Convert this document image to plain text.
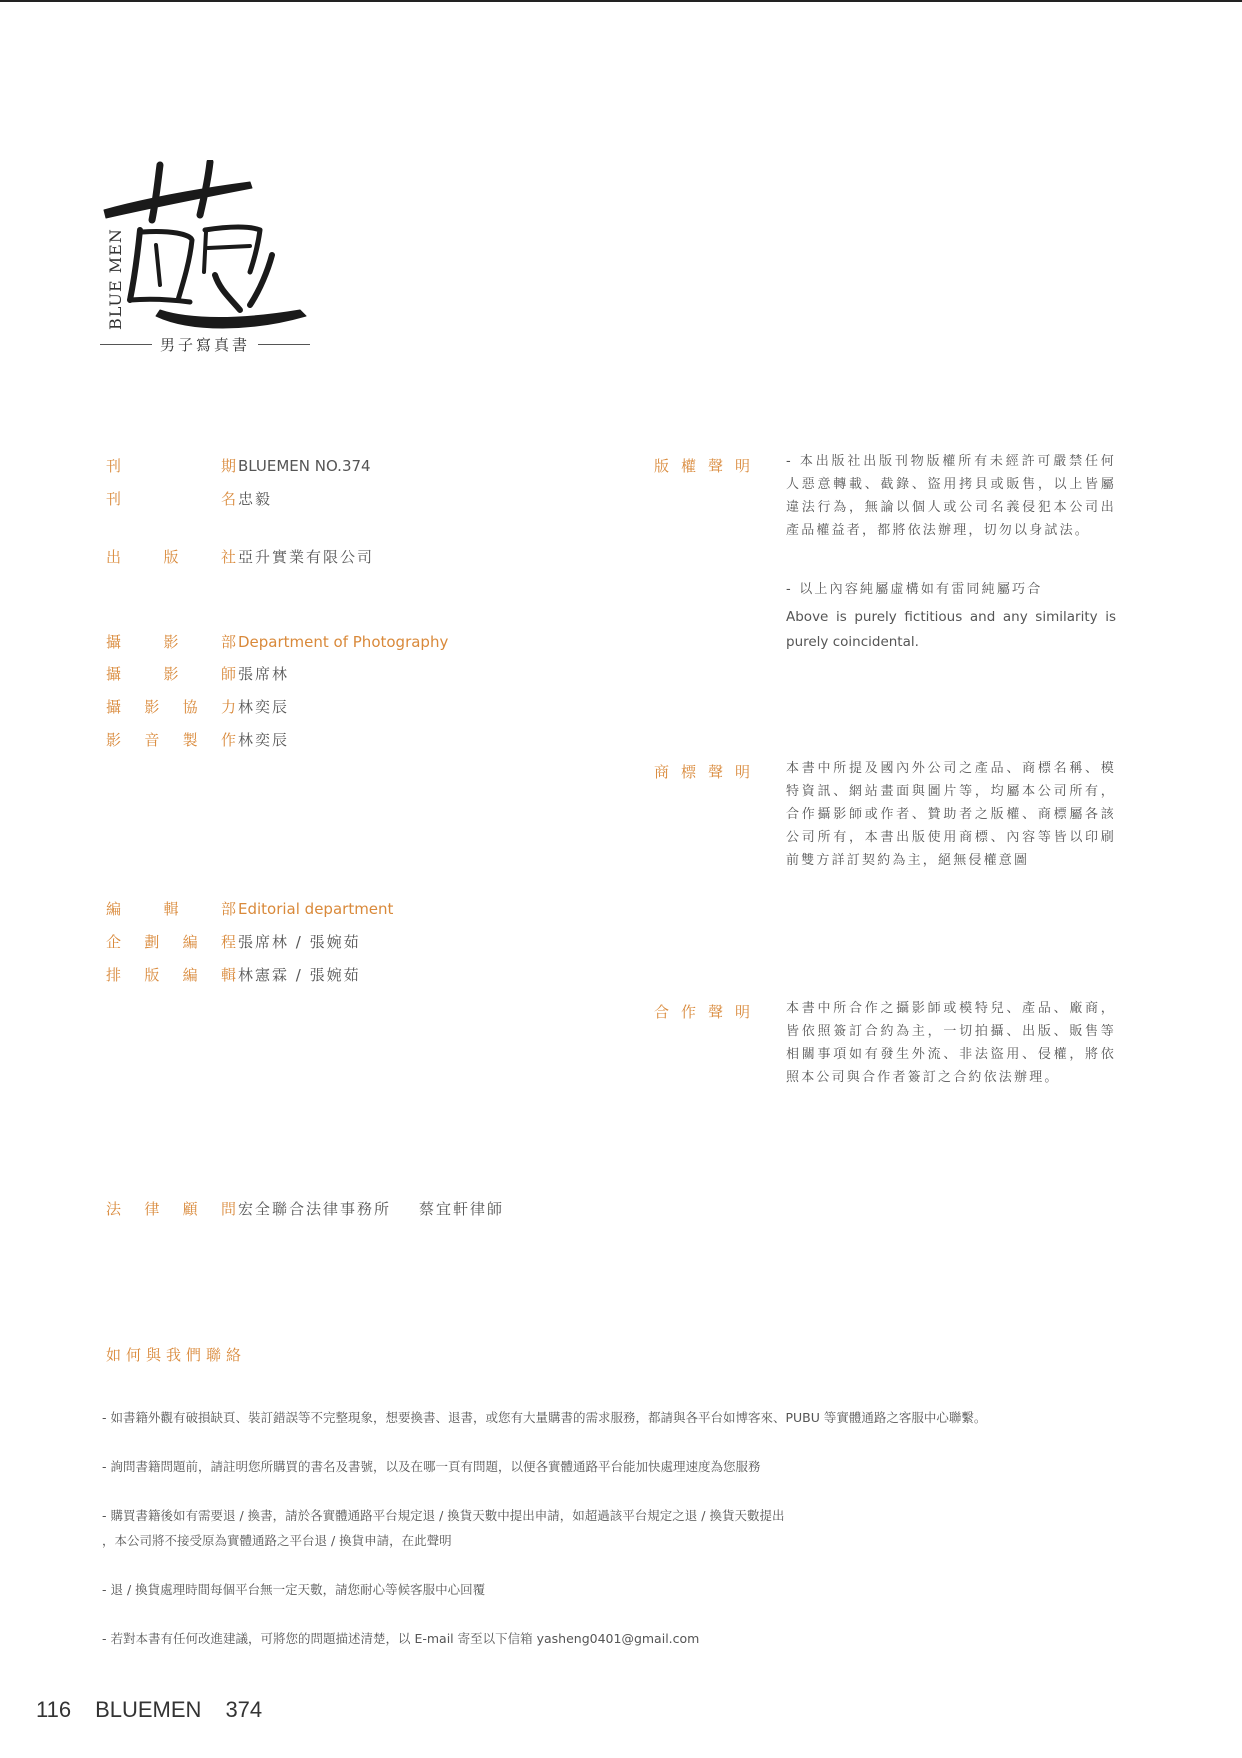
BLUE MEN
男子寫真書
刊	期 BLUEMEN NO.374
刊	名 忠毅
出	版	社 亞升實業有限公司
攝	影	部 Department of Photography
攝	影	師 張席林
攝 影 協 力 林奕辰
影 音 製 作 林奕辰
編	輯	部 Editorial department
企 劃 編 程 張席林 / 張婉茹
排 版 編 輯 林憲霖 / 張婉茹
法 律 顧 問 宏全聯合法律事務所 蔡宜軒律師
版 權 聲 明	- 本出版社出版刊物版權所有未經許可嚴禁任何人惡意轉載、截錄、盜用拷貝或販售，以上皆屬違法行為，無論以個人或公司名義侵犯本公司出產品權益者，都將依法辦理，切勿以身試法。
- 以上內容純屬虛構如有雷同純屬巧合
Above is purely fictitious and any similarity is purely coincidental.
商 標 聲 明	本書中所提及國內外公司之產品、商標名稱、模特資訊、網站畫面與圖片等，均屬本公司所有，合作攝影師或作者、贊助者之版權、商標屬各該公司所有，本書出版使用商標、內容等皆以印刷前雙方詳訂契約為主，絕無侵權意圖
合 作 聲 明	本書中所合作之攝影師或模特兒、產品、廠商，皆依照簽訂合約為主，一切拍攝、出版、販售等相關事項如有發生外流、非法盜用、侵權，將依照本公司與合作者簽訂之合約依法辦理。
如何與我們聯絡
- 如書籍外觀有破損缺頁、裝訂錯誤等不完整現象，想要換書、退書，或您有大量購書的需求服務，都請與各平台如博客來、PUBU 等實體通路之客服中心聯繫。
- 詢問書籍問題前，請註明您所購買的書名及書號，以及在哪一頁有問題，以便各實體通路平台能加快處理速度為您服務
- 購買書籍後如有需要退 / 換書，請於各實體通路平台規定退 / 換貨天數中提出申請，如超過該平台規定之退 / 換貨天數提出
，本公司將不接受原為實體通路之平台退 / 換貨申請，在此聲明
- 退 / 換貨處理時間每個平台無一定天數，請您耐心等候客服中心回覆
- 若對本書有任何改進建議，可將您的問題描述清楚，以 E-mail 寄至以下信箱 yasheng0401@gmail.com
116 BLUEMEN 374
